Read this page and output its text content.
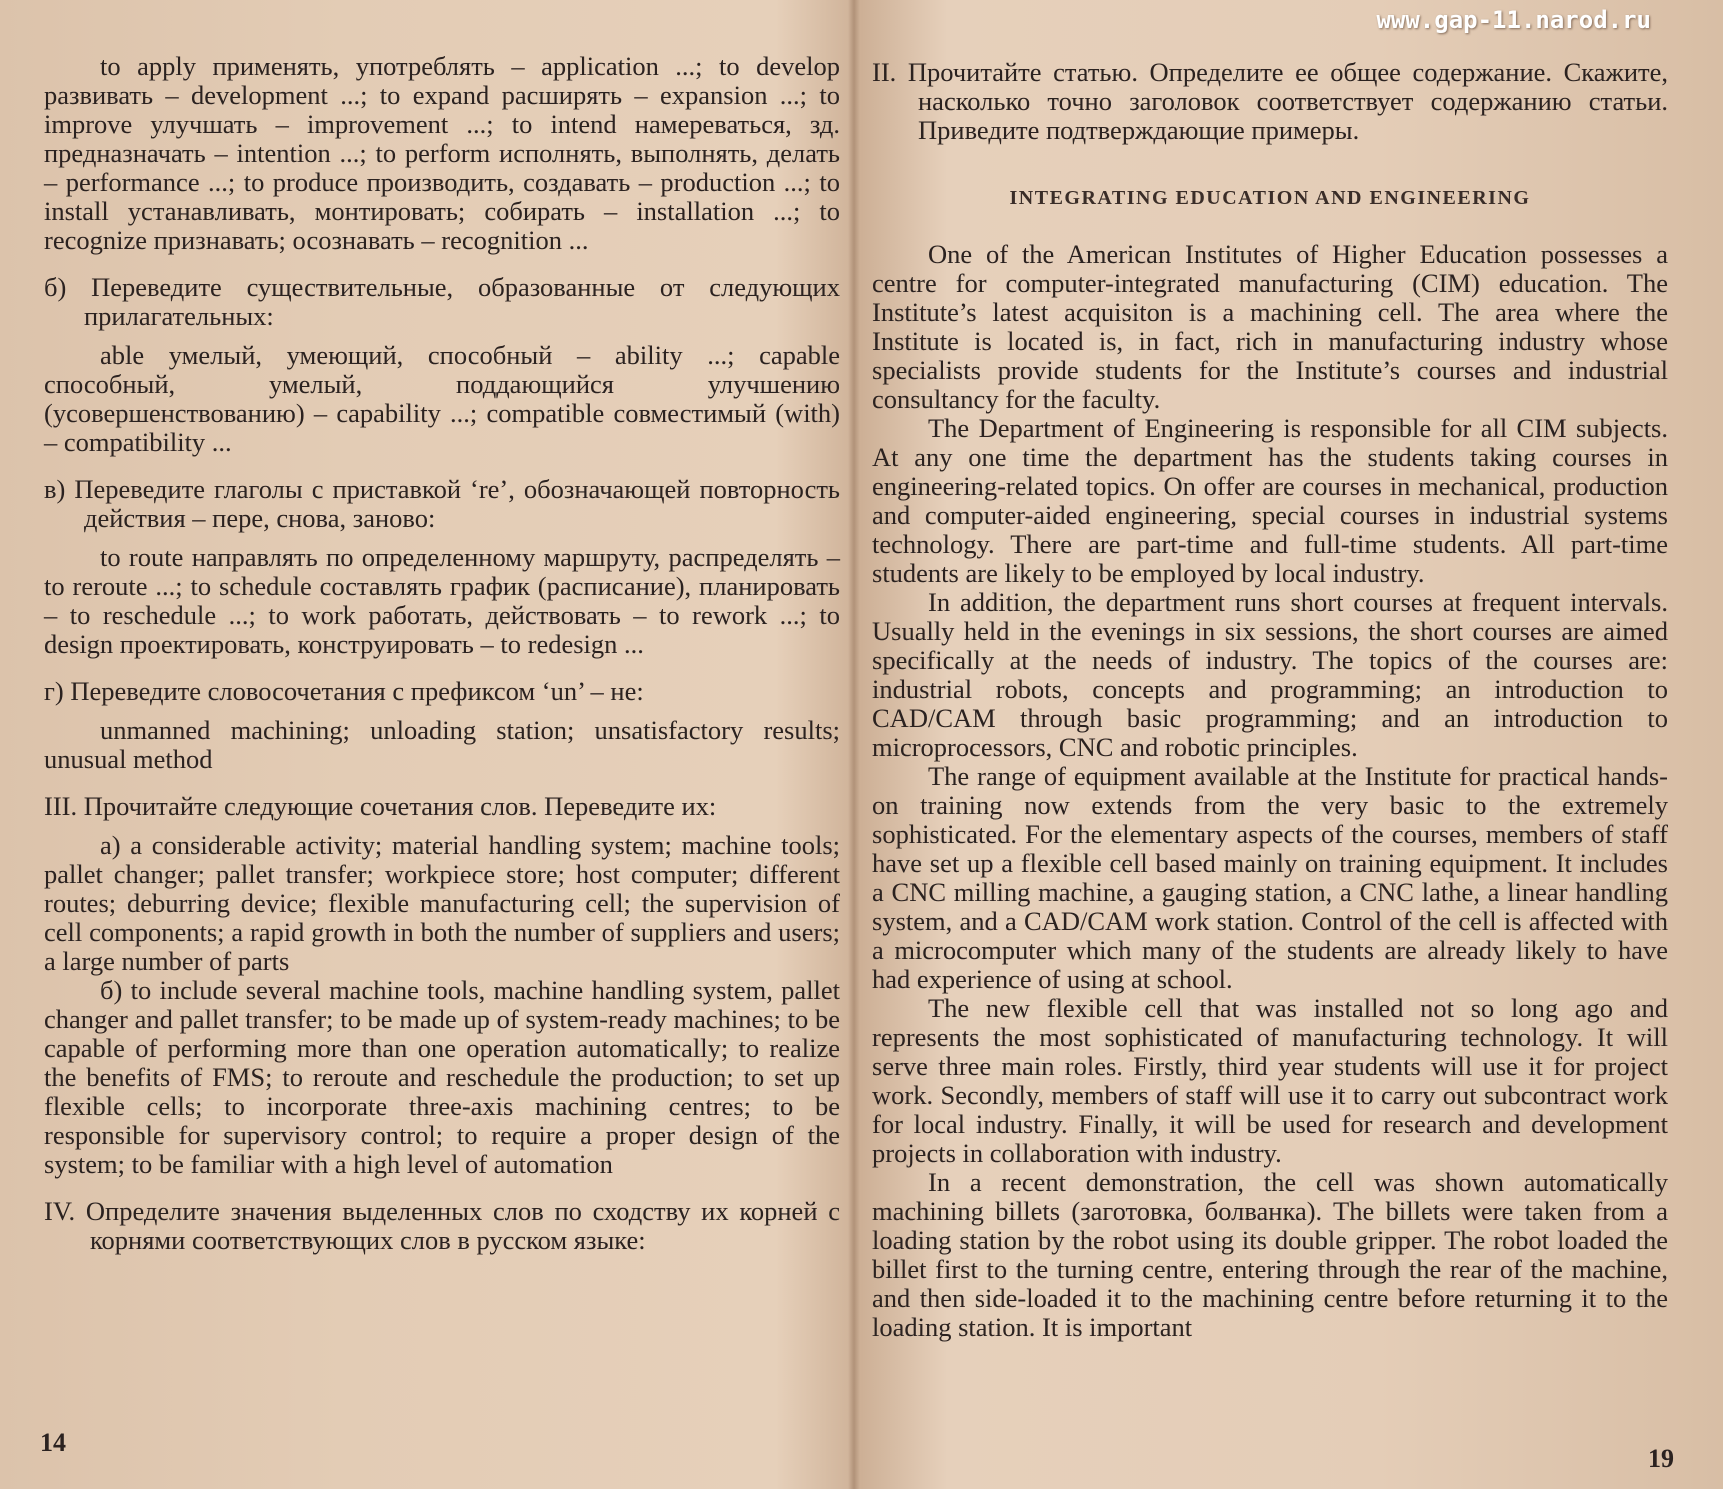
www.gap-11.narod.ru

to apply применять, употреблять – application ...; to develop развивать – development ...; to expand расширять – expansion ...; to improve улучшать – improvement ...; to intend намереваться, зд. предназначать – intention ...; to perform исполнять, выполнять, делать – performance ...; to produce производить, создавать – production ...; to install устанавливать, монтировать; собирать – installation ...; to recognize признавать; осознавать – recognition ...

б) Переведите существительные, образованные от следующих прилагательных:

able умелый, умеющий, способный – ability ...; capable способный, умелый, поддающийся улучшению (усовершенствованию) – capability ...; compatible совместимый (with) – compatibility ...

в) Переведите глаголы с приставкой ‘re’, обозначающей повторность действия – пере, снова, заново:

to route направлять по определенному маршруту, распределять – to reroute ...; to schedule составлять график (расписание), планировать – to reschedule ...; to work работать, действовать – to rework ...; to design проектировать, конструировать – to redesign ...

г) Переведите словосочетания с префиксом ‘un’ – не:

unmanned machining; unloading station; unsatisfactory results; unusual method

III. Прочитайте следующие сочетания слов. Переведите их:

а) a considerable activity; material handling system; machine tools; pallet changer; pallet transfer; workpiece store; host computer; different routes; deburring device; flexible manufacturing cell; the supervision of cell components; a rapid growth in both the number of suppliers and users; a large number of parts

б) to include several machine tools, machine handling system, pallet changer and pallet transfer; to be made up of system-ready machines; to be capable of performing more than one operation automatically; to realize the benefits of FMS; to reroute and reschedule the production; to set up flexible cells; to incorporate three-axis machining centres; to be responsible for supervisory control; to require a proper design of the system; to be familiar with a high level of automation

IV. Определите значения выделенных слов по сходству их корней с корнями соответствующих слов в русском языке:

14

II. Прочитайте статью. Определите ее общее содержание. Скажите, насколько точно заголовок соответствует содержанию статьи. Приведите подтверждающие примеры.

INTEGRATING EDUCATION AND ENGINEERING

One of the American Institutes of Higher Education possesses a centre for computer-integrated manufacturing (CIM) education. The Institute’s latest acquisiton is a machining cell. The area where the Institute is located is, in fact, rich in manufacturing industry whose specialists provide students for the Institute’s courses and industrial consultancy for the faculty.

The Department of Engineering is responsible for all CIM subjects. At any one time the department has the students taking courses in engineering-related topics. On offer are courses in mechanical, production and computer-aided engineering, special courses in industrial systems technology. There are part-time and full-time students. All part-time students are likely to be employed by local industry.

In addition, the department runs short courses at frequent intervals. Usually held in the evenings in six sessions, the short courses are aimed specifically at the needs of industry. The topics of the courses are: industrial robots, concepts and programming; an introduction to CAD/CAM through basic programming; and an introduction to microprocessors, CNC and robotic principles.

The range of equipment available at the Institute for practical hands-on training now extends from the very basic to the extremely sophisticated. For the elementary aspects of the courses, members of staff have set up a flexible cell based mainly on training equipment. It includes a CNC milling machine, a gauging station, a CNC lathe, a linear handling system, and a CAD/CAM work station. Control of the cell is affected with a microcomputer which many of the students are already likely to have had experience of using at school.

The new flexible cell that was installed not so long ago and represents the most sophisticated of manufacturing technology. It will serve three main roles. Firstly, third year students will use it for project work. Secondly, members of staff will use it to carry out subcontract work for local industry. Finally, it will be used for research and development projects in collaboration with industry.

In a recent demonstration, the cell was shown automatically machining billets (заготовка, болванка). The billets were taken from a loading station by the robot using its double gripper. The robot loaded the billet first to the turning centre, entering through the rear of the machine, and then side-loaded it to the machining centre before returning it to the loading station. It is important

19
